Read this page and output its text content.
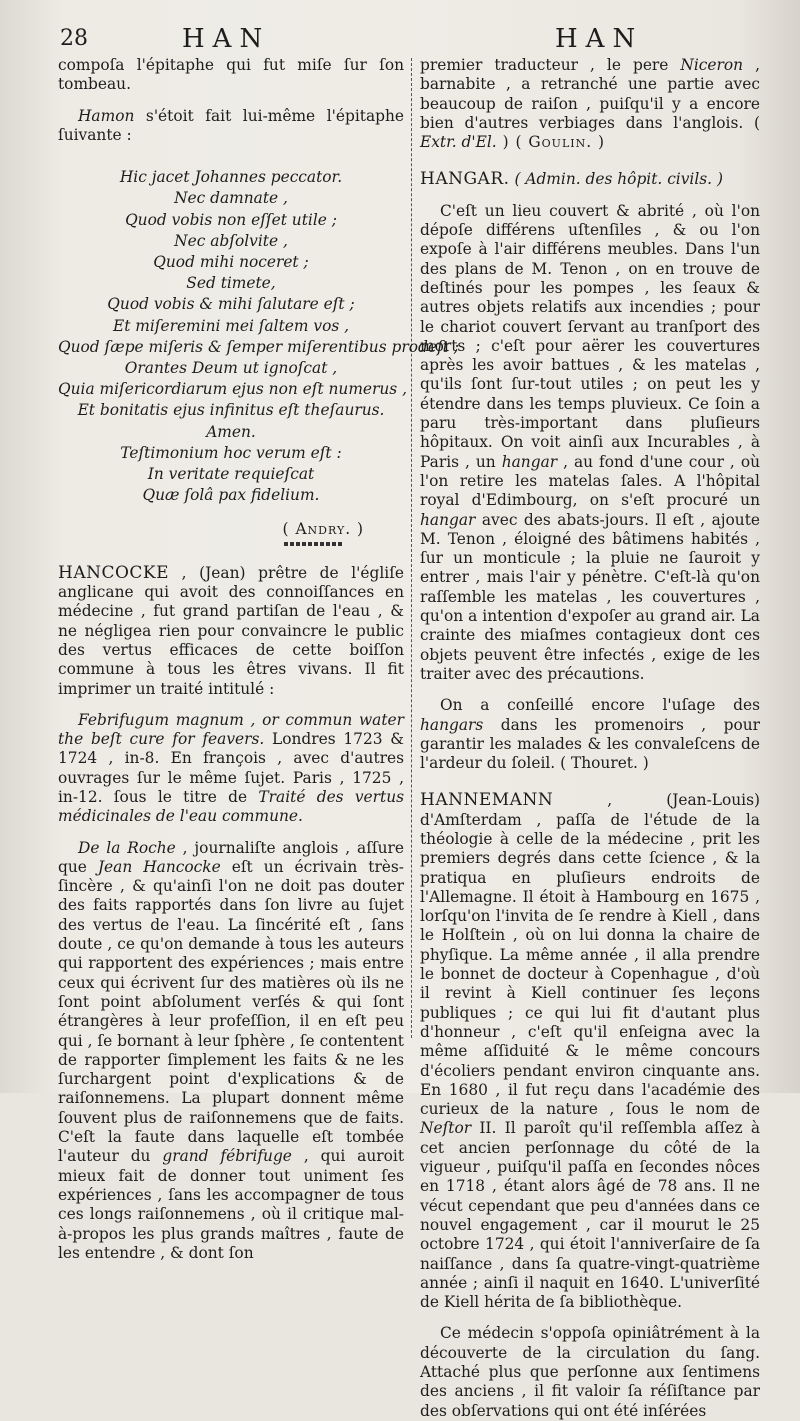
28	HAN	HAN

compoſa l'épitaphe qui fut miſe ſur ſon tombeau.

Hamon s'étoit fait lui-même l'épitaphe ſuivante :

Hic jacet Johannes peccator.
Nec damnate ,
Quod vobis non eſſet utile ;
Nec abſolvite ,
Quod mihi noceret ;
Sed timete,
Quod vobis & mihi ſalutare eſt ;
Et miſeremini mei ſaltem vos ,
Quod ſæpe miſeris & ſemper miſerentibus prodeſt ;
Orantes Deum ut ignoſcat ,
Quia miſericordiarum ejus non eſt numerus ,
Et bonitatis ejus infinitus eſt theſaurus.
Amen.
Teſtimonium hoc verum eſt :
In veritate requieſcat
Quæ ſolâ pax fidelium.
( Andry. )

HANCOCKE , (Jean) prêtre de l'égliſe anglicane qui avoit des connoiſſances en médecine , fut grand partiſan de l'eau , & ne négligea rien pour convaincre le public des vertus efficaces de cette boiſſon commune à tous les êtres vivans. Il fit imprimer un traité intitulé :

Febrifugum magnum , or commun water the beſt cure for feavers. Londres 1723 & 1724 , in-8. En françois , avec d'autres ouvrages ſur le même ſujet. Paris , 1725 , in-12. ſous le titre de Traité des vertus médicinales de l'eau commune.

De la Roche , journaliſte anglois , aſſure que Jean Hancocke eſt un écrivain très-ſincère , & qu'ainſi l'on ne doit pas douter des faits rapportés dans ſon livre au ſujet des vertus de l'eau. La ſincérité eſt , ſans doute , ce qu'on demande à tous les auteurs qui rapportent des expériences ; mais entre ceux qui écrivent ſur des matières où ils ne ſont point abſolument verſés & qui ſont étrangères à leur profeſſion, il en eſt peu qui , ſe bornant à leur ſphère , ſe contentent de rapporter ſimplement les faits & ne les ſurchargent point d'explications & de raiſonnemens. La plupart donnent même ſouvent plus de raiſonnemens que de faits. C'eſt la faute dans laquelle eſt tombée l'auteur du grand fébrifuge , qui auroit mieux fait de donner tout uniment ſes expériences , ſans les accompagner de tous ces longs raiſonnemens , où il critique mal-à-propos les plus grands maîtres , faute de les entendre , & dont ſon

premier traducteur , le pere Niceron , barnabite , a retranché une partie avec beaucoup de raiſon , puiſqu'il y a encore bien d'autres verbiages dans l'anglois. ( Extr. d'El. ) ( Goulin. )

HANGAR. ( Admin. des hôpit. civils. )

C'eſt un lieu couvert & abrité , où l'on dépoſe différens uſtenſiles , & ou l'on expoſe à l'air différens meubles. Dans l'un des plans de M. Tenon , on en trouve de deſtinés pour les pompes , les ſeaux & autres objets relatifs aux incendies ; pour le chariot couvert ſervant au tranſport des morts ; c'eſt pour aërer les couvertures après les avoir battues , & les matelas , qu'ils ſont ſur-tout utiles ; on peut les y étendre dans les temps pluvieux. Ce ſoin a paru très-important dans pluſieurs hôpitaux. On voit ainſi aux Incurables , à Paris , un hangar , au fond d'une cour , où l'on retire les matelas ſales. A l'hôpital royal d'Edimbourg, on s'eſt procuré un hangar avec des abats-jours. Il eſt , ajoute M. Tenon , éloigné des bâtimens habités , ſur un monticule ; la pluie ne ſauroit y entrer , mais l'air y pénètre. C'eſt-là qu'on raſſemble les matelas , les couvertures , qu'on a intention d'expoſer au grand air. La crainte des miaſmes contagieux dont ces objets peuvent être infectés , exige de les traiter avec des précautions.

On a conſeillé encore l'uſage des hangars dans les promenoirs , pour garantir les malades & les convaleſcens de l'ardeur du ſoleil. ( Thouret. )

HANNEMANN , (Jean-Louis) d'Amſterdam , paſſa de l'étude de la théologie à celle de la médecine , prit les premiers degrés dans cette ſcience , & la pratiqua en pluſieurs endroits de l'Allemagne. Il étoit à Hambourg en 1675 , lorſqu'on l'invita de ſe rendre à Kiell , dans le Holſtein , où on lui donna la chaire de phyſique. La même année , il alla prendre le bonnet de docteur à Copenhague , d'où il revint à Kiell continuer ſes leçons publiques ; ce qui lui fit d'autant plus d'honneur , c'eſt qu'il enſeigna avec la même aſſiduité & le même concours d'écoliers pendant environ cinquante ans. En 1680 , il fut reçu dans l'académie des curieux de la nature , ſous le nom de Neſtor II. Il paroît qu'il reſſembla aſſez à cet ancien perſonnage du côté de la vigueur , puiſqu'il paſſa en ſecondes nôces en 1718 , étant alors âgé de 78 ans. Il ne vécut cependant que peu d'années dans ce nouvel engagement , car il mourut le 25 octobre 1724 , qui étoit l'anniverſaire de ſa naiſſance , dans ſa quatre-vingt-quatrième année ; ainſi il naquit en 1640. L'univerſité de Kiell hérita de ſa bibliothèque.

Ce médecin s'oppoſa opiniâtrément à la découverte de la circulation du ſang. Attaché plus que perſonne aux ſentimens des anciens , il fit valoir ſa réſiſtance par des obſervations qui ont été inſérées
